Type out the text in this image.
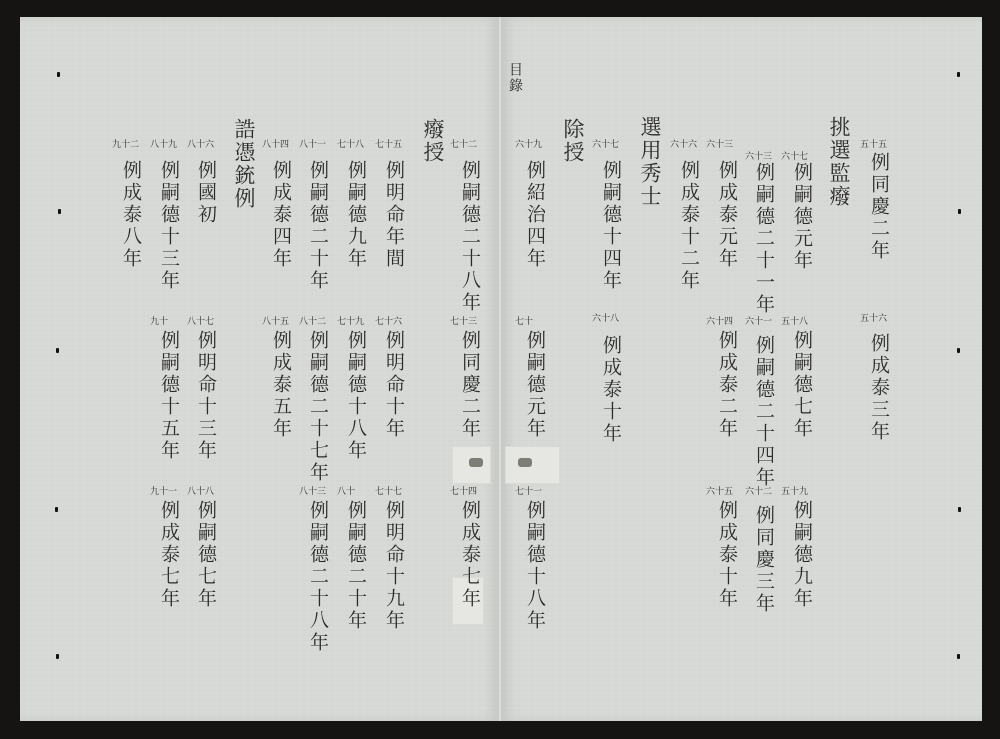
目錄
挑選監癈	五十五
例同慶二年
五十六
例成泰三年
六十七
例嗣德元年
五十八
例嗣德七年
五十九
例嗣德九年
六十三
例嗣德二十一年
六十一
例嗣德二十四年
六十二
例同慶三年
六十三
例成泰元年
六十四
例成泰二年
六十五
例成泰十年
六十六
例成泰十二年
選用秀士
六十七
例嗣德十四年
六十八
例成泰十年
除授
六十九
例紹治四年
七十
例嗣德元年
七十一
例嗣德十八年
七十二
例嗣德二十八年
七十三
例同慶二年
七十四
例成泰七年
癈授
七十五
例明命年間
七十六
例明命十年
七十七
例明命十九年
七十八
例嗣德九年
七十九
例嗣德十八年
八十
例嗣德二十年
八十一
例嗣德二十年
八十二
例嗣德二十七年
八十三
例嗣德二十八年
八十四
例成泰四年
八十五
例成泰五年
誥憑銃例
八十六
例國初
八十七
例明命十三年
八十八
例嗣德七年
八十九
例嗣德十三年
九十
例嗣德十五年
九十一
例成泰七年
九十二
例成泰八年
